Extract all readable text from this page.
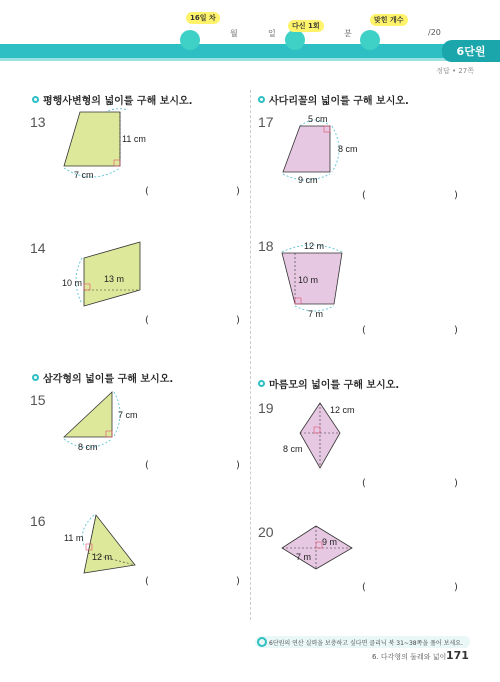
16일 차
다신 1회
맞힌 개수
월	일	분	/20
6단원
정답 • 27쪽
평행사변형의 넓이를 구해 보시오.	사다리꼴의 넓이를 구해 보시오.
삼각형의 넓이를 구해 보시오.
마름모의 넓이를 구해 보시오.
13
14
15
16
17
18
19
20
11 cm
7 cm
10 m 13 m
7 cm
8 cm
11 m
12 m
5 cm
8 cm
9 cm
12 m
10 m
7 m
12 cm
8 cm
9 m
7 m
(	)
(	)
(	)
(	)
(	)
(	)
(	)
(	)
6단원의 연산 실력을 보충하고 싶다면 클리닉 북 31~38쪽을 풀어 보세요.
6. 다각형의 둘레와 넓이 171
